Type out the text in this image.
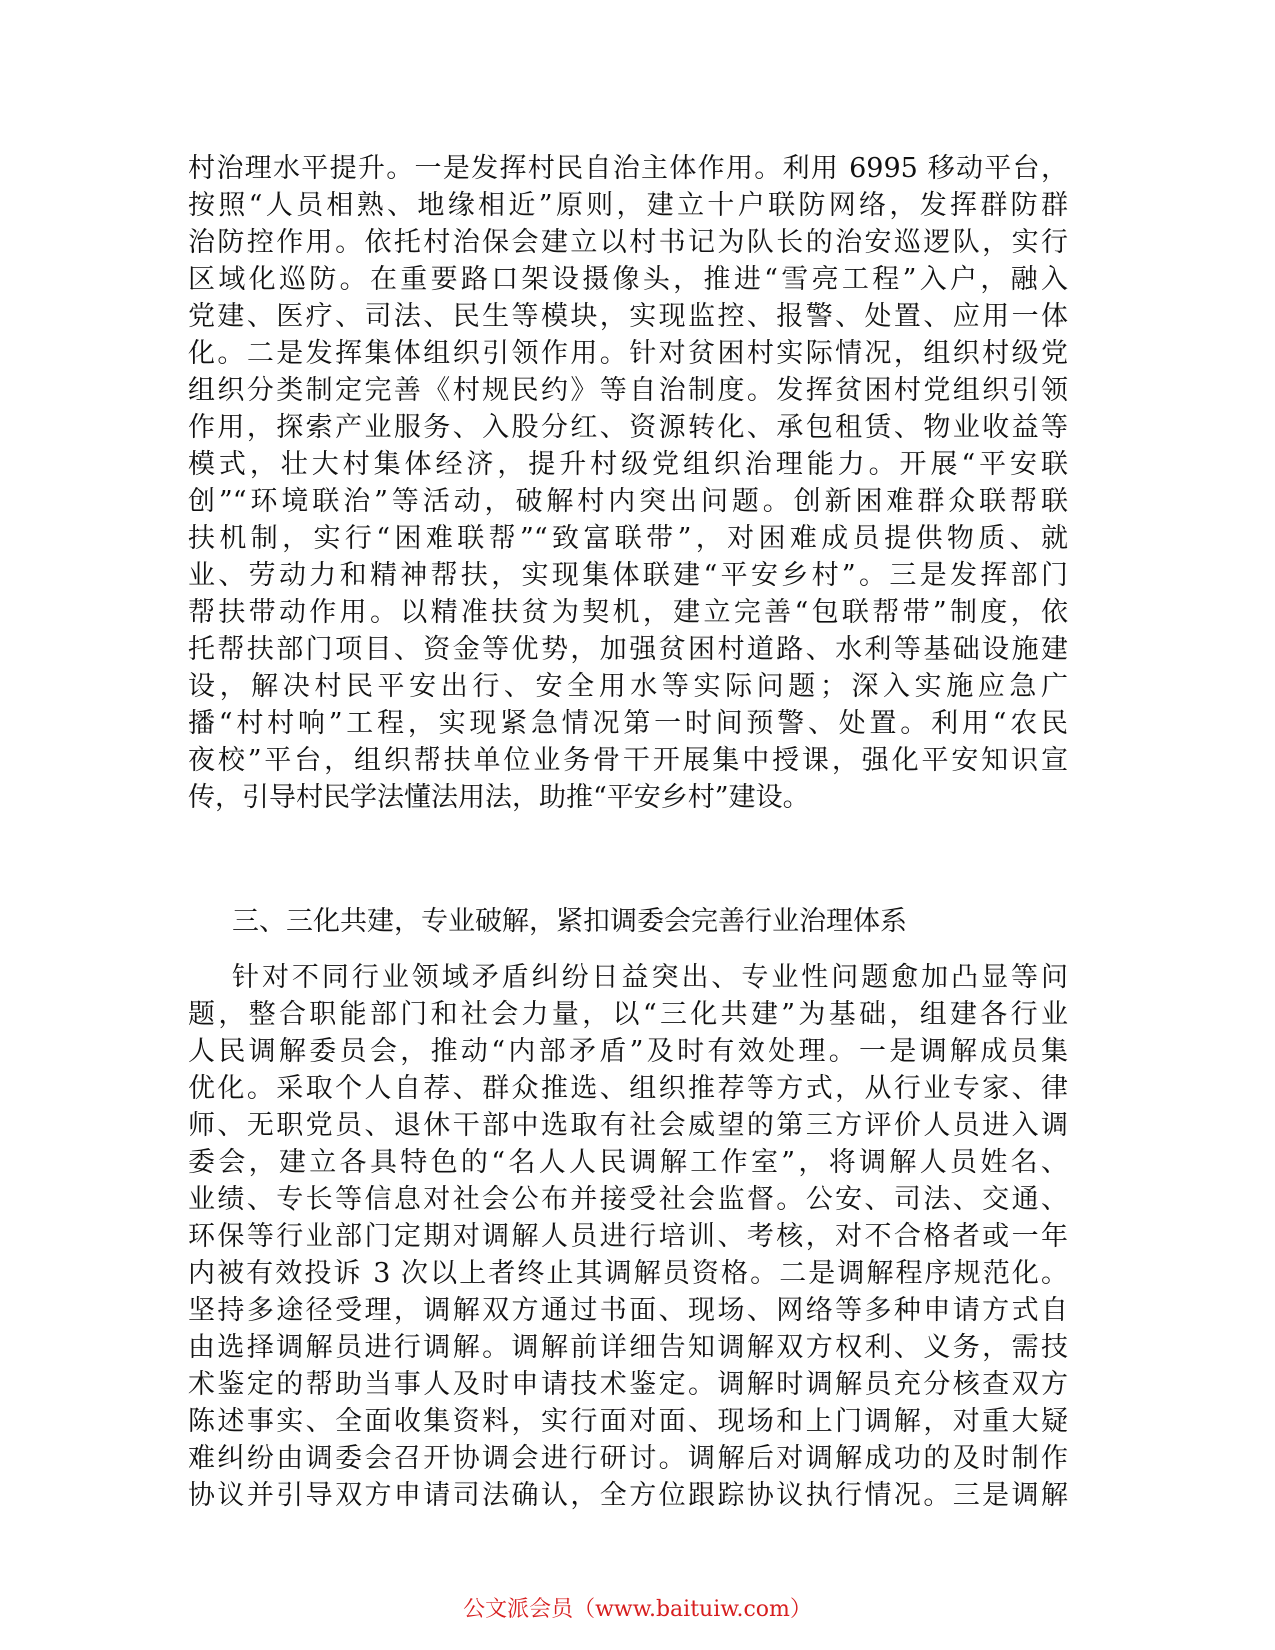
村治理水平提升。一是发挥村民自治主体作用。利用 6995 移动平台，
按照“人员相熟、地缘相近”原则，建立十户联防网络，发挥群防群
治防控作用。依托村治保会建立以村书记为队长的治安巡逻队，实行
区域化巡防。在重要路口架设摄像头，推进“雪亮工程”入户，融入
党建、医疗、司法、民生等模块，实现监控、报警、处置、应用一体
化。二是发挥集体组织引领作用。针对贫困村实际情况，组织村级党
组织分类制定完善《村规民约》等自治制度。发挥贫困村党组织引领
作用，探索产业服务、入股分红、资源转化、承包租赁、物业收益等
模式，壮大村集体经济，提升村级党组织治理能力。开展“平安联
创”“环境联治”等活动，破解村内突出问题。创新困难群众联帮联
扶机制，实行“困难联帮”“致富联带”，对困难成员提供物质、就
业、劳动力和精神帮扶，实现集体联建“平安乡村”。三是发挥部门
帮扶带动作用。以精准扶贫为契机，建立完善“包联帮带”制度，依
托帮扶部门项目、资金等优势，加强贫困村道路、水利等基础设施建
设，解决村民平安出行、安全用水等实际问题；深入实施应急广
播“村村响”工程，实现紧急情况第一时间预警、处置。利用“农民
夜校”平台，组织帮扶单位业务骨干开展集中授课，强化平安知识宣
传，引导村民学法懂法用法，助推“平安乡村”建设。
三、三化共建，专业破解，紧扣调委会完善行业治理体系
针对不同行业领域矛盾纠纷日益突出、专业性问题愈加凸显等问
题，整合职能部门和社会力量，以“三化共建”为基础，组建各行业
人民调解委员会，推动“内部矛盾”及时有效处理。一是调解成员集
优化。采取个人自荐、群众推选、组织推荐等方式，从行业专家、律
师、无职党员、退休干部中选取有社会威望的第三方评价人员进入调
委会，建立各具特色的“名人人民调解工作室”，将调解人员姓名、
业绩、专长等信息对社会公布并接受社会监督。公安、司法、交通、
环保等行业部门定期对调解人员进行培训、考核，对不合格者或一年
内被有效投诉 3 次以上者终止其调解员资格。二是调解程序规范化。
坚持多途径受理，调解双方通过书面、现场、网络等多种申请方式自
由选择调解员进行调解。调解前详细告知调解双方权利、义务，需技
术鉴定的帮助当事人及时申请技术鉴定。调解时调解员充分核查双方
陈述事实、全面收集资料，实行面对面、现场和上门调解，对重大疑
难纠纷由调委会召开协调会进行研讨。调解后对调解成功的及时制作
协议并引导双方申请司法确认，全方位跟踪协议执行情况。三是调解
公文派会员（www.baituiw.com）
